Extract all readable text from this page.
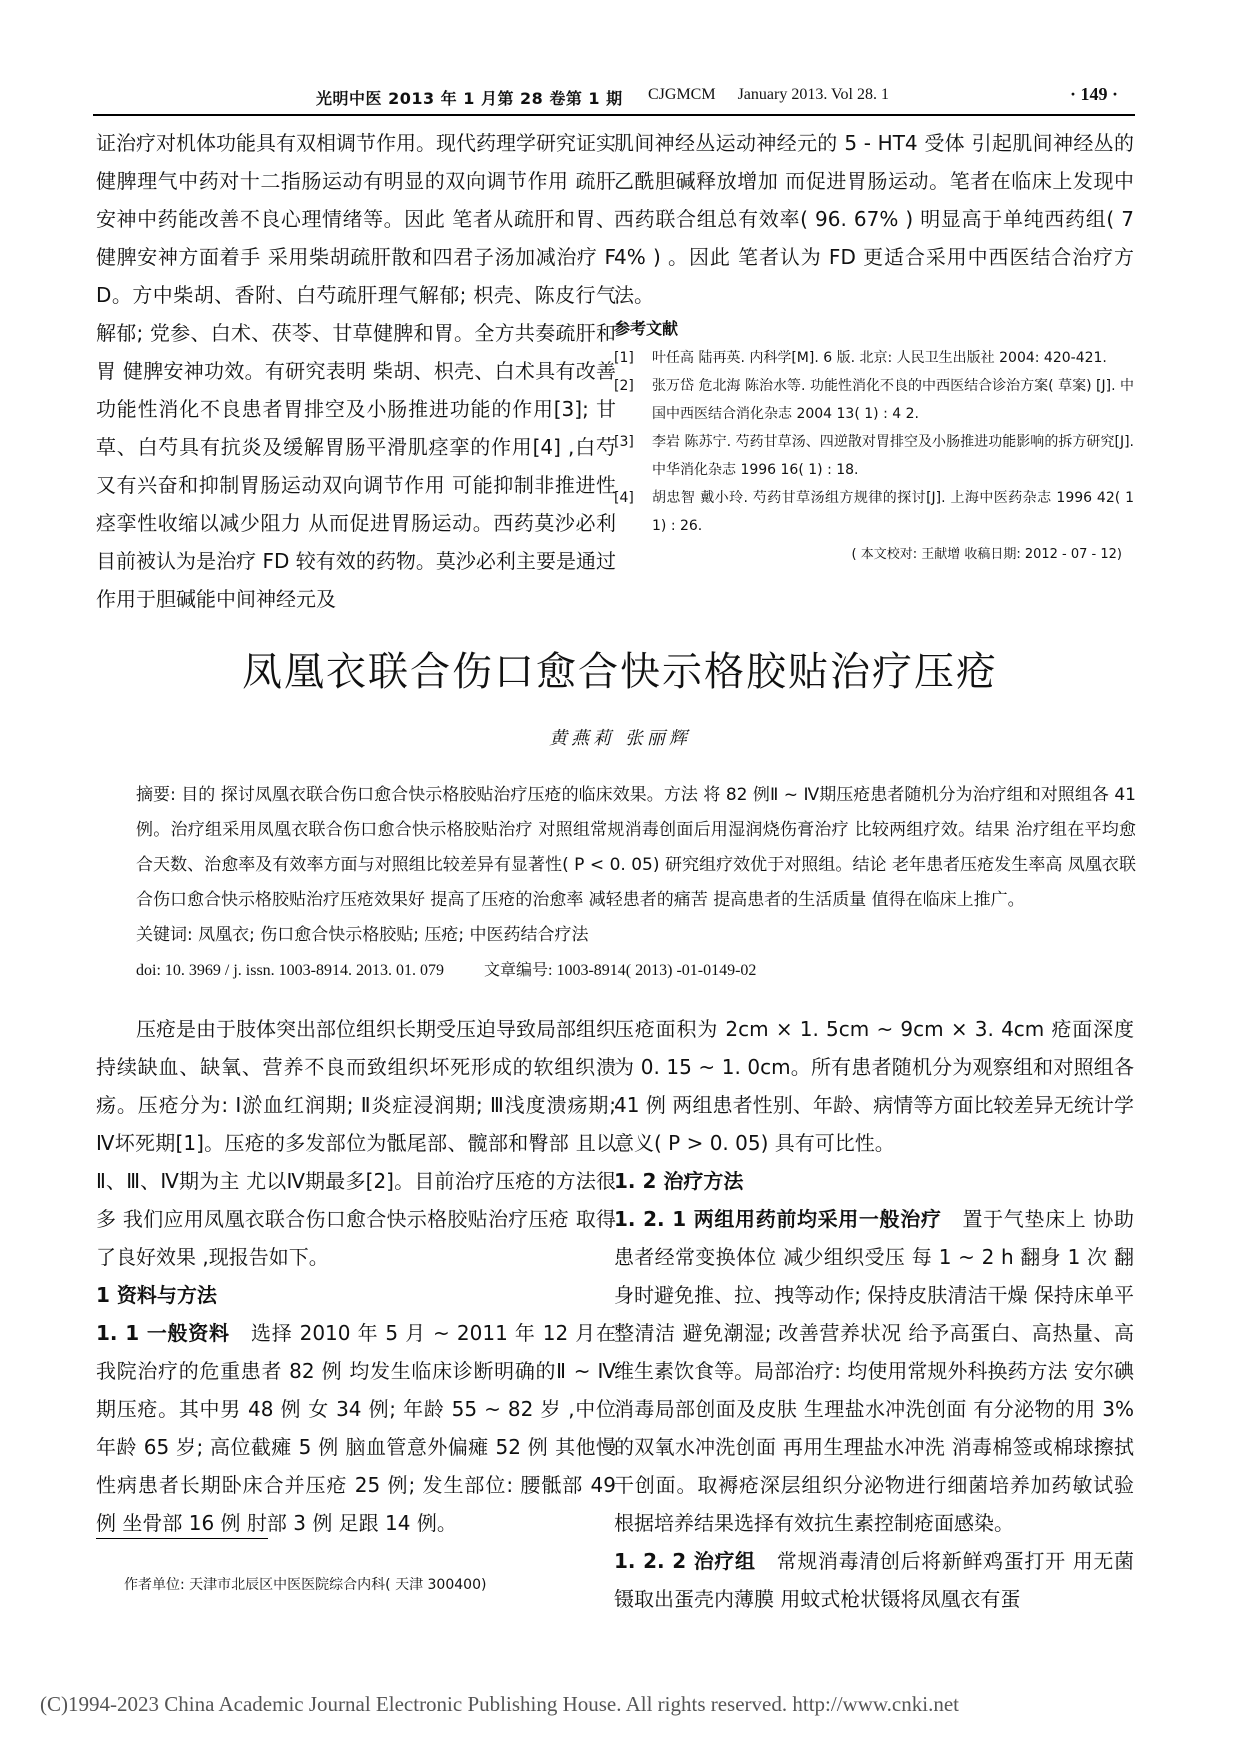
光明中医 2013 年 1 月第 28 卷第 1 期 CJGMCM January 2013. Vol 28. 1	· 149 ·

证治疗对机体功能具有双相调节作用。现代药理学研究证实 健脾理气中药对十二指肠运动有明显的双向调节作用 疏肝安神中药能改善不良心理情绪等。因此 笔者从疏肝和胃、健脾安神方面着手 采用柴胡疏肝散和四君子汤加减治疗 FD。方中柴胡、香附、白芍疏肝理气解郁; 枳壳、陈皮行气解郁; 党参、白术、茯苓、甘草健脾和胃。全方共奏疏肝和胃 健脾安神功效。有研究表明 柴胡、枳壳、白术具有改善功能性消化不良患者胃排空及小肠推进功能的作用[3]; 甘草、白芍具有抗炎及缓解胃肠平滑肌痉挛的作用[4] ,白芍又有兴奋和抑制胃肠运动双向调节作用 可能抑制非推进性痉挛性收缩以减少阻力 从而促进胃肠运动。西药莫沙必利目前被认为是治疗 FD 较有效的药物。莫沙必利主要是通过作用于胆碱能中间神经元及

肌间神经丛运动神经元的 5 - HT4 受体 引起肌间神经丛的乙酰胆碱释放增加 而促进胃肠运动。笔者在临床上发现中西药联合组总有效率( 96. 67% ) 明显高于单纯西药组( 74% ) 。因此 笔者认为 FD 更适合采用中西医结合治疗方法。

参考文献

[1]	叶任高 陆再英. 内科学[M]. 6 版. 北京: 人民卫生出版社 2004: 420-421.
[2]	张万岱 危北海 陈治水等. 功能性消化不良的中西医结合诊治方案( 草案) [J]. 中国中西医结合消化杂志 2004 13( 1) : 4 2.
[3]	李岩 陈苏宁. 芍药甘草汤、四逆散对胃排空及小肠推进功能影响的拆方研究[J]. 中华消化杂志 1996 16( 1) : 18.
[4]	胡忠智 戴小玲. 芍药甘草汤组方规律的探讨[J]. 上海中医药杂志 1996 42( 11) : 26.

( 本文校对: 王献增 收稿日期: 2012 - 07 - 12)

凤凰衣联合伤口愈合快示格胶贴治疗压疮
黄燕莉 张丽辉
摘要: 目的 探讨凤凰衣联合伤口愈合快示格胶贴治疗压疮的临床效果。方法 将 82 例Ⅱ ~ Ⅳ期压疮患者随机分为治疗组和对照组各 41 例。治疗组采用凤凰衣联合伤口愈合快示格胶贴治疗 对照组常规消毒创面后用湿润烧伤膏治疗 比较两组疗效。结果 治疗组在平均愈合天数、治愈率及有效率方面与对照组比较差异有显著性( P < 0. 05) 研究组疗效优于对照组。结论 老年患者压疮发生率高 凤凰衣联合伤口愈合快示格胶贴治疗压疮效果好 提高了压疮的治愈率 减轻患者的痛苦 提高患者的生活质量 值得在临床上推广。
关键词: 凤凰衣; 伤口愈合快示格胶贴; 压疮; 中医药结合疗法
doi: 10. 3969 / j. issn. 1003-8914. 2013. 01. 079	文章编号: 1003-8914( 2013) -01-0149-02

压疮是由于肢体突出部位组织长期受压迫导致局部组织持续缺血、缺氧、营养不良而致组织坏死形成的软组织溃疡。压疮分为: Ⅰ淤血红润期; Ⅱ炎症浸润期; Ⅲ浅度溃疡期; Ⅳ坏死期[1]。压疮的多发部位为骶尾部、髋部和臀部 且以Ⅱ、Ⅲ、Ⅳ期为主 尤以Ⅳ期最多[2]。目前治疗压疮的方法很多 我们应用凤凰衣联合伤口愈合快示格胶贴治疗压疮 取得了良好效果 ,现报告如下。

1 资料与方法

1. 1 一般资料 选择 2010 年 5 月 ~ 2011 年 12 月在我院治疗的危重患者 82 例 均发生临床诊断明确的Ⅱ ~ Ⅳ期压疮。其中男 48 例 女 34 例; 年龄 55 ~ 82 岁 ,中位年龄 65 岁; 高位截瘫 5 例 脑血管意外偏瘫 52 例 其他慢性病患者长期卧床合并压疮 25 例; 发生部位: 腰骶部 49 例 坐骨部 16 例 肘部 3 例 足跟 14 例。

压疮面积为 2cm × 1. 5cm ~ 9cm × 3. 4cm 疮面深度为 0. 15 ~ 1. 0cm。所有患者随机分为观察组和对照组各 41 例 两组患者性别、年龄、病情等方面比较差异无统计学意义( P > 0. 05) 具有可比性。

1. 2 治疗方法

1. 2. 1 两组用药前均采用一般治疗 置于气垫床上 协助患者经常变换体位 减少组织受压 每 1 ~ 2 h 翻身 1 次 翻身时避免推、拉、拽等动作; 保持皮肤清洁干燥 保持床单平整清洁 避免潮湿; 改善营养状况 给予高蛋白、高热量、高维生素饮食等。局部治疗: 均使用常规外科换药方法 安尔碘消毒局部创面及皮肤 生理盐水冲洗创面 有分泌物的用 3% 的双氧水冲洗创面 再用生理盐水冲洗 消毒棉签或棉球擦拭干创面。取褥疮深层组织分泌物进行细菌培养加药敏试验 根据培养结果选择有效抗生素控制疮面感染。

1. 2. 2 治疗组 常规消毒清创后将新鲜鸡蛋打开 用无菌镊取出蛋壳内薄膜 用蚊式枪状镊将凤凰衣有蛋

作者单位: 天津市北辰区中医医院综合内科( 天津 300400)
(C)1994-2023 China Academic Journal Electronic Publishing House. All rights reserved. http://www.cnki.net
